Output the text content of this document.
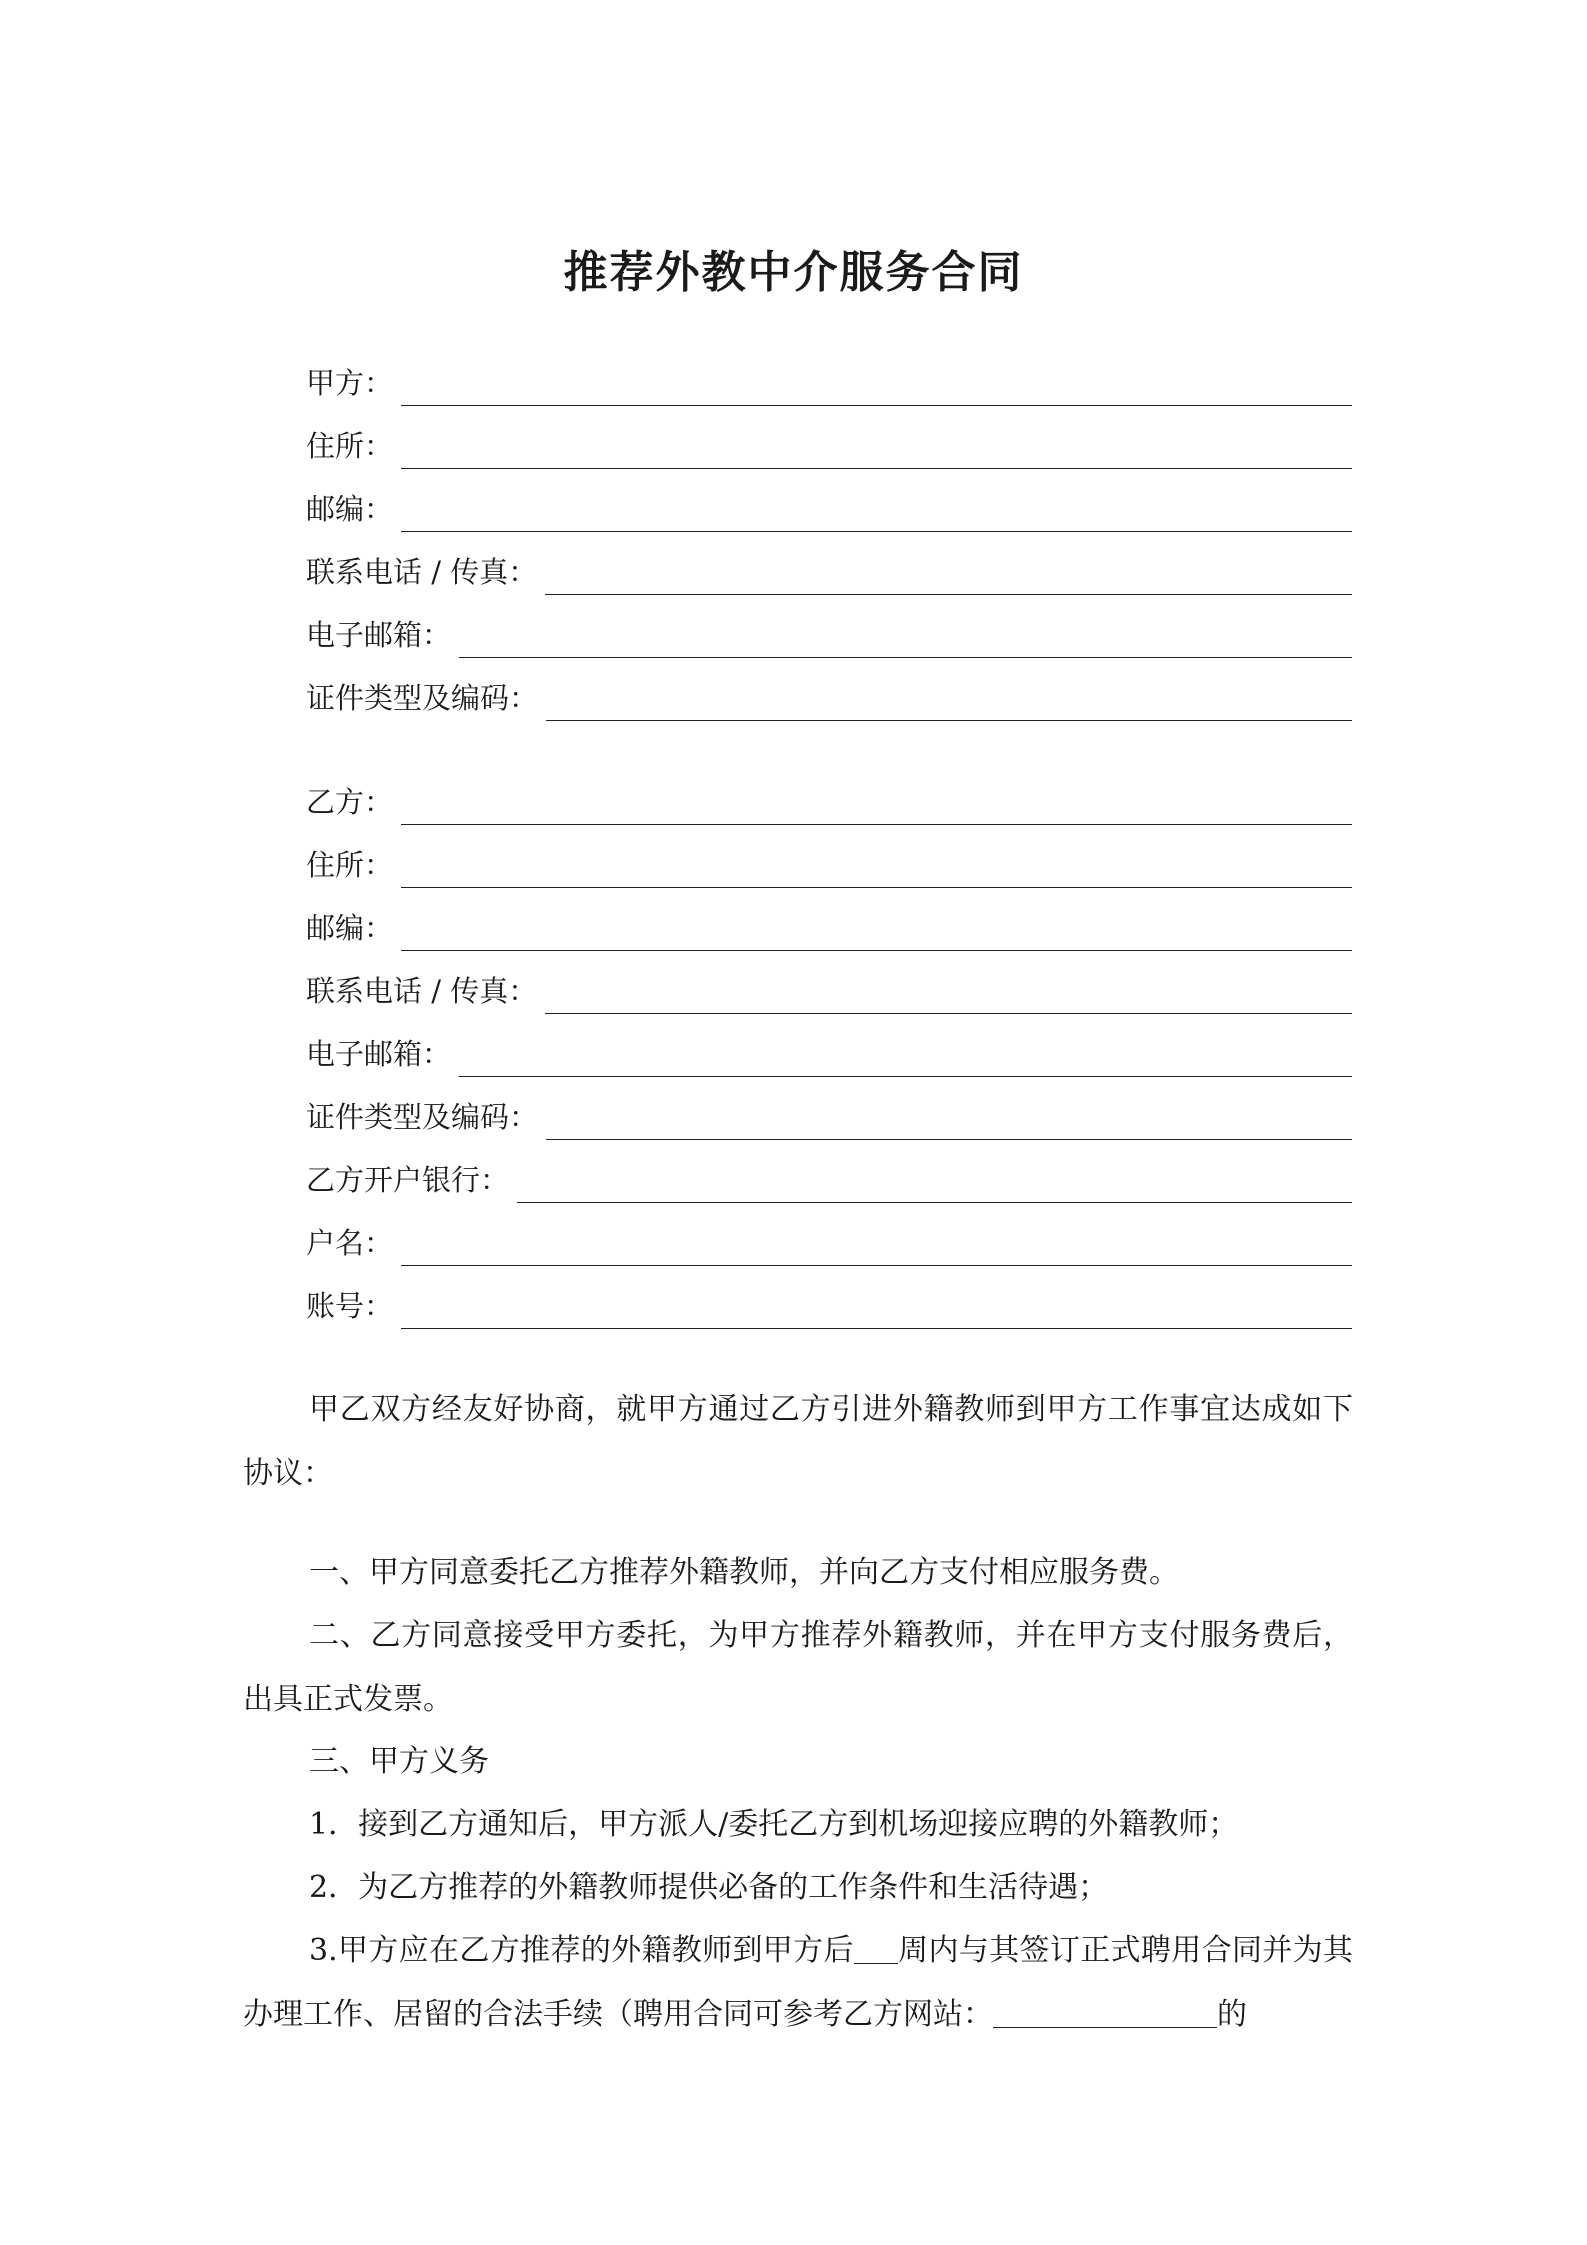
推荐外教中介服务合同
甲方：
住所：
邮编：
联系电话 / 传真：
电子邮箱：
证件类型及编码：
乙方：
住所：
邮编：
联系电话 / 传真：
电子邮箱：
证件类型及编码：
乙方开户银行：
户名：
账号：
甲乙双方经友好协商，就甲方通过乙方引进外籍教师到甲方工作事宜达成如下协议：
一、甲方同意委托乙方推荐外籍教师，并向乙方支付相应服务费。
二、乙方同意接受甲方委托，为甲方推荐外籍教师，并在甲方支付服务费后，出具正式发票。
三、甲方义务
1．接到乙方通知后，甲方派人/委托乙方到机场迎接应聘的外籍教师；
2．为乙方推荐的外籍教师提供必备的工作条件和生活待遇；
3.甲方应在乙方推荐的外籍教师到甲方后 周内与其签订正式聘用合同并为其办理工作、居留的合法手续（聘用合同可参考乙方网站：	的
